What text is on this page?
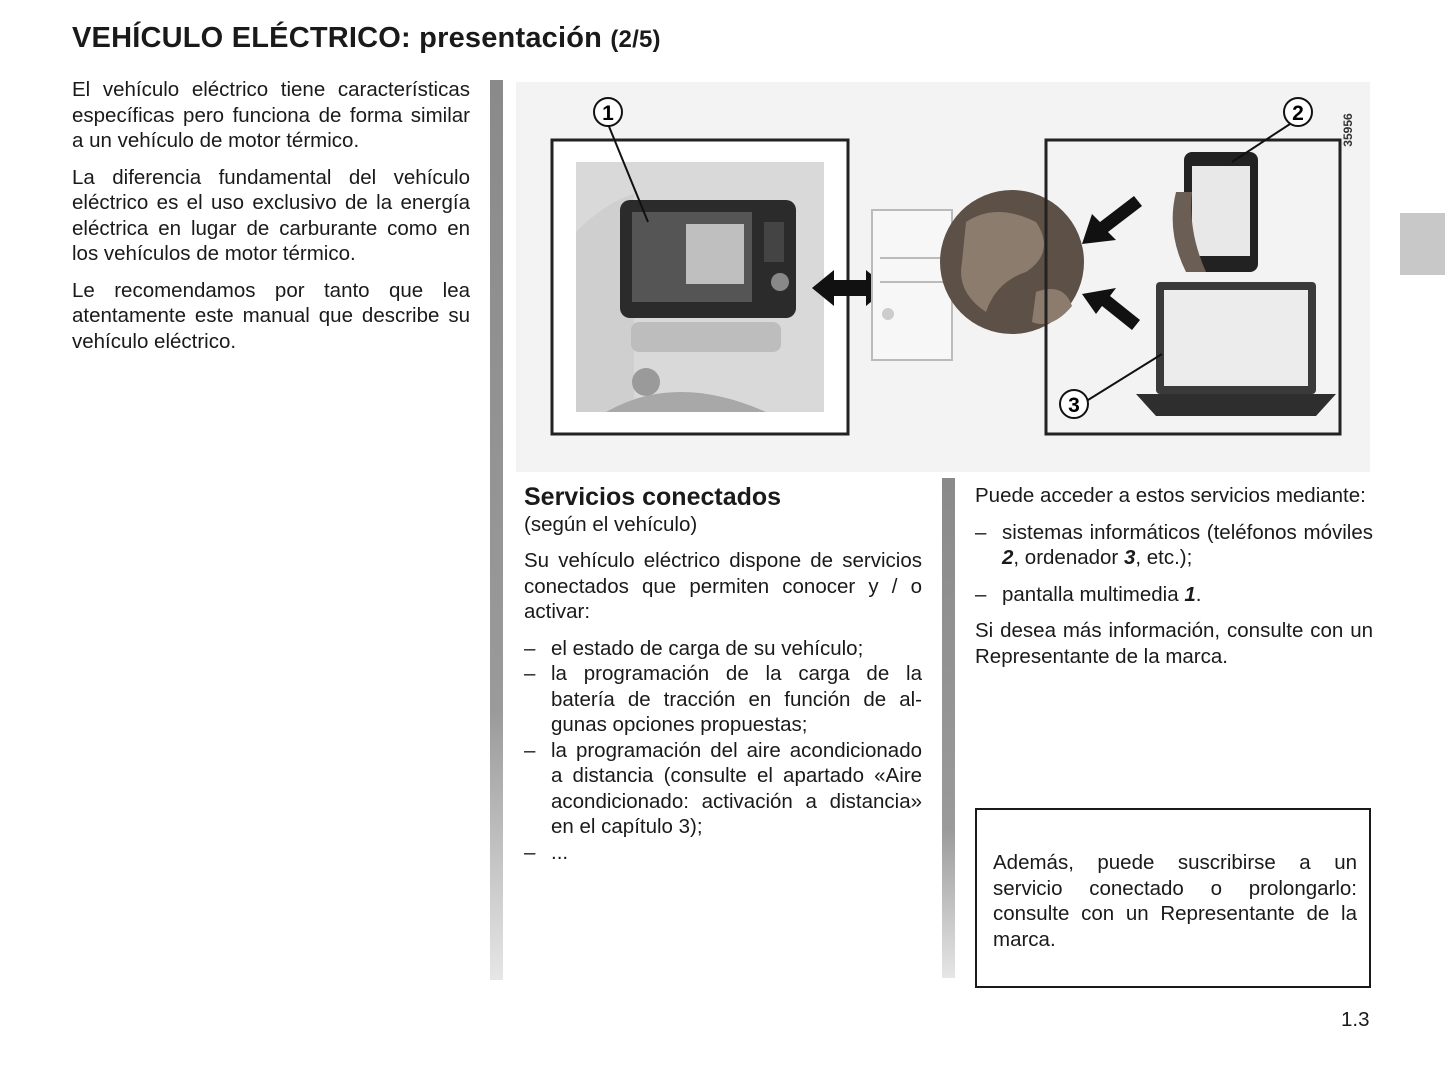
VEHÍCULO ELÉCTRICO: presentación (2/5)

El vehículo eléctrico tiene características específicas pero funciona de forma similar a un vehículo de motor térmico.

La diferencia fundamental del vehículo eléctrico es el uso exclusivo de la energía eléctrica en lugar de carburante como en los vehículos de motor térmico.

Le recomendamos por tanto que lea atentamente este manual que describe su vehículo eléctrico.

1	2
3
35956

Servicios conectados

(según el vehículo)

Su vehículo eléctrico dispone de servicios conectados que permiten conocer y / o activar:

– el estado de carga de su vehículo;
– la programación de la carga de la batería de tracción en función de algunas opciones propuestas;
– la programación del aire acondicionado a distancia (consulte el apartado «Aire acondicionado: activación a distancia» en el capítulo 3);
– ...

Puede acceder a estos servicios mediante:

– sistemas informáticos (teléfonos móviles 2, ordenador 3, etc.);
– pantalla multimedia 1.

Si desea más información, consulte con un Representante de la marca.

Además, puede suscribirse a un servicio conectado o prolongarlo: consulte con un Representante de la marca.

1.3
